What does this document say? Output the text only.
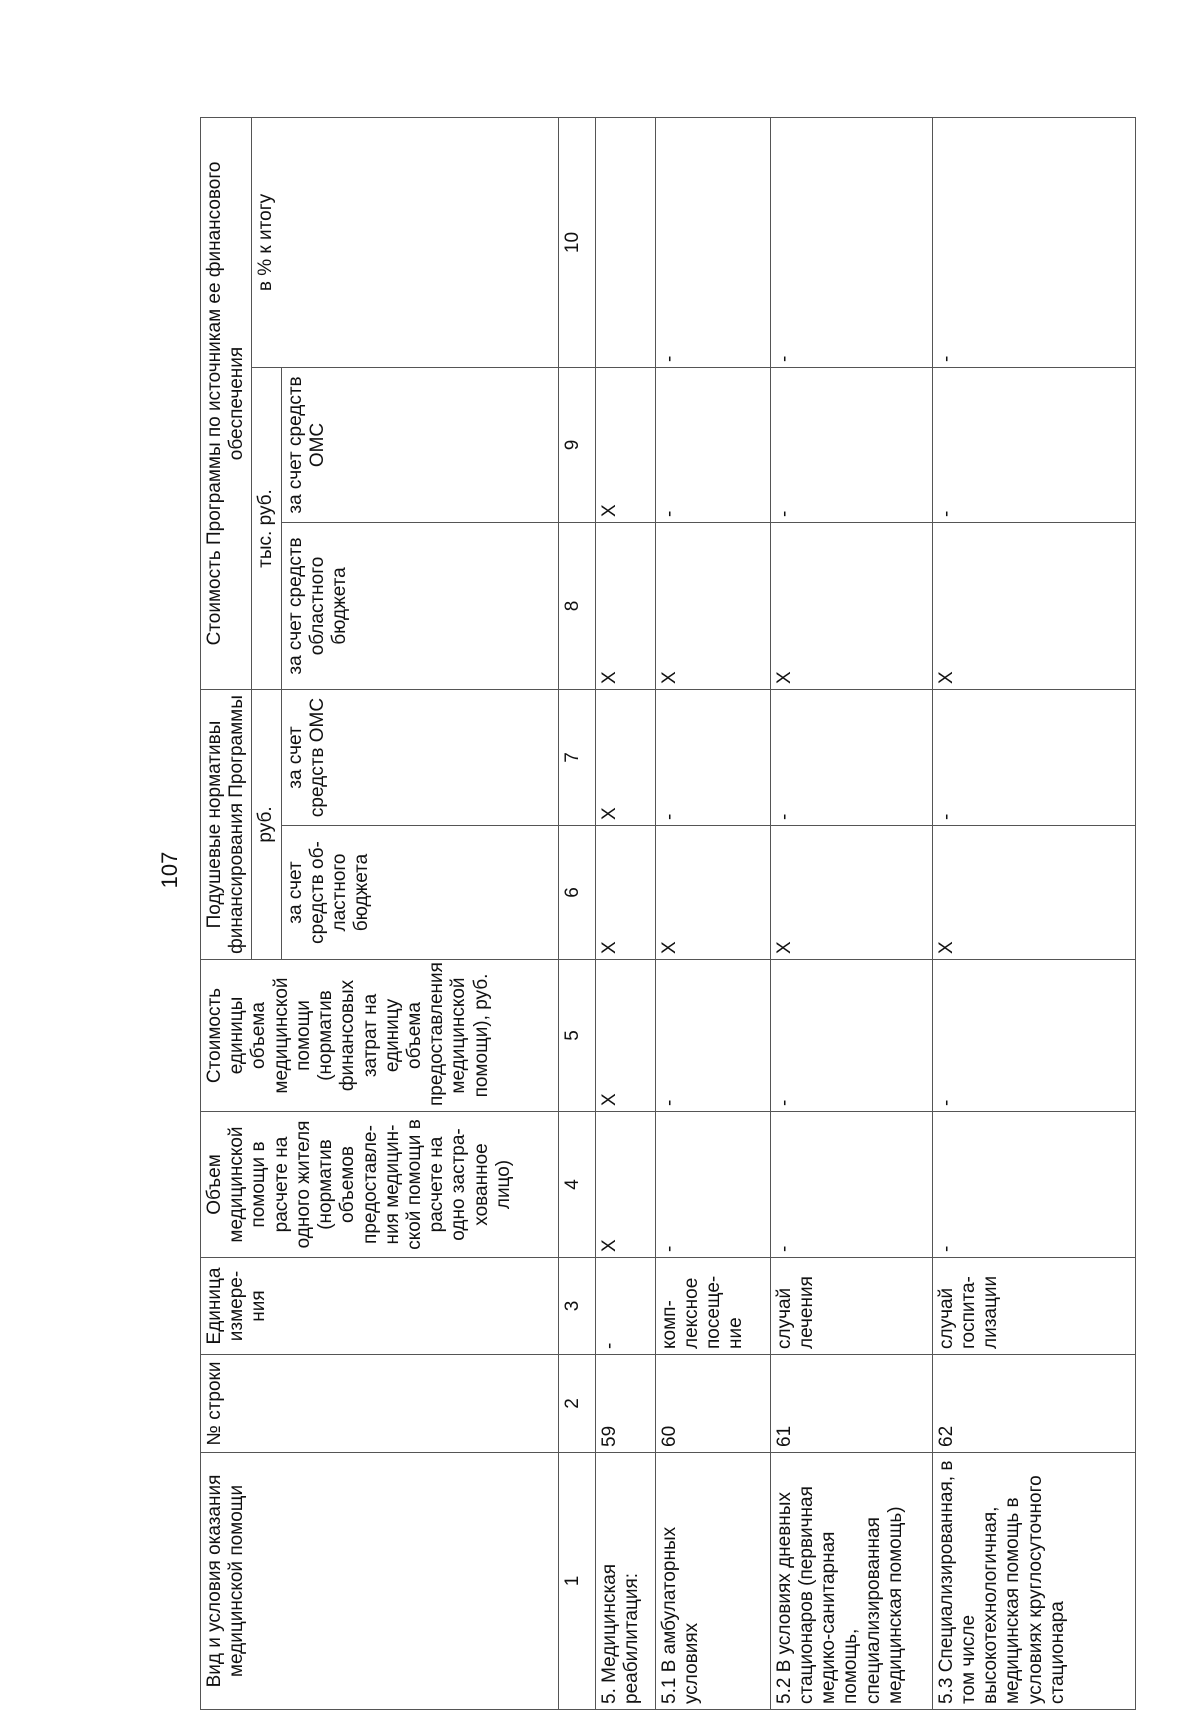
107
Вид и условия оказания медицинской помощи	№ строки	Единица измере-ния	Объем медицинской помощи в расчете на одного жителя (норматив объемов предоставле-ния медицин-ской помощи в расчете на одно застра-хованное лицо)	Стоимость единицы объема медицинской помощи (норматив финансовых затрат на единицу объема предоставления медицинской помощи), руб.	Подушевые нормативы финансирования Программы		Стоимость Программы по источникам ее финансового обеспечения		
					руб.		тыс. руб.		в % к итогу
					за счет средств об-ластного бюджета	за счет средств ОМС	за счет средств областного бюджета	за счет средств ОМС	
1	2	3	4	5	6	7	8	9	10
5. Медицинская реабилитация:	59	-	Х	Х	Х	Х	Х	Х	
5.1 В амбулаторных условиях	60	комп-лексное посеще-ние	-	-	Х	-	Х	-	-
5.2 В условиях дневных стационаров (первичная медико-санитарная помощь, специализированная медицинская помощь)	61	случай лечения	-	-	Х	-	Х	-	-
5.3 Специализированная, в том числе высокотехнологичная, медицинская помощь в условиях круглосуточного стационара	62	случай госпита-лизации	-	-	Х	-	Х	-	-
